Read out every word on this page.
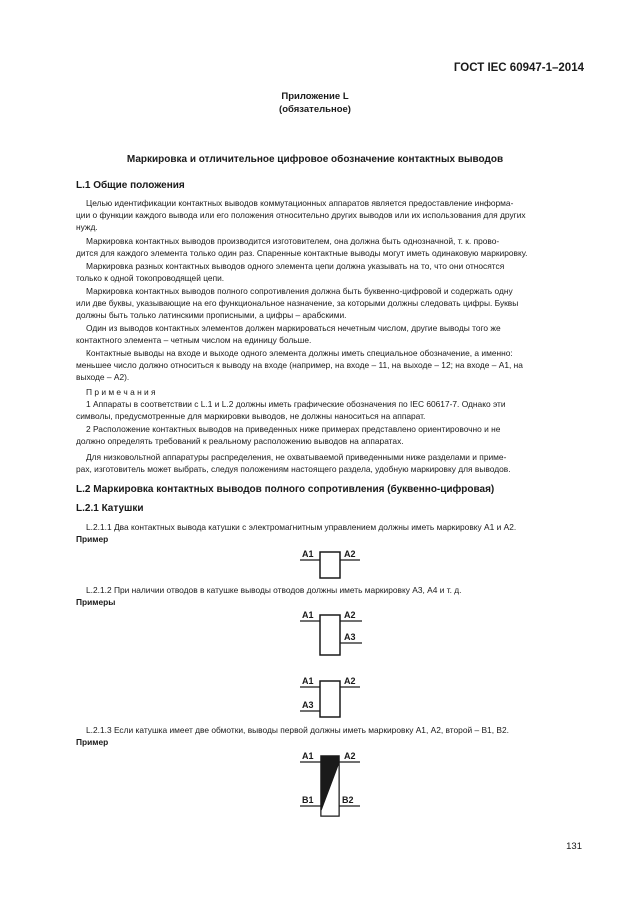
ГОСТ IEC 60947-1–2014
Приложение L
(обязательное)
Маркировка и отличительное цифровое обозначение контактных выводов
L.1 Общие положения
Целью идентификации контактных выводов коммутационных аппаратов является предоставление информа-
ции о функции каждого вывода или его положения относительно других выводов или их использования для других
нужд.
Маркировка контактных выводов производится изготовителем, она должна быть однозначной, т. к. прово-
дится для каждого элемента только один раз. Спаренные контактные выводы могут иметь одинаковую маркировку.
Маркировка разных контактных выводов одного элемента цепи должна указывать на то, что они относятся
только к одной токопроводящей цепи.
Маркировка контактных выводов полного сопротивления должна быть буквенно-цифровой и содержать одну
или две буквы, указывающие на его функциональное назначение, за которыми должны следовать цифры. Буквы
должны быть только латинскими прописными, а цифры – арабскими.
Один из выводов контактных элементов должен маркироваться нечетным числом, другие выводы того же
контактного элемента – четным числом на единицу больше.
Контактные выводы на входе и выходе одного элемента должны иметь специальное обозначение, а именно:
меньшее число должно относиться к выводу на входе (например, на входе – 11, на выходе – 12; на входе – А1, на
выходе – А2).
П р и м е ч а н и я
1 Аппараты в соответствии с L.1 и L.2 должны иметь графические обозначения по IEC 60617-7. Однако эти
символы, предусмотренные для маркировки выводов, не должны наноситься на аппарат.
2 Расположение контактных выводов на приведенных ниже примерах представлено ориентировочно и не
должно определять требований к реальному расположению выводов на аппаратах.
Для низковольтной аппаратуры распределения, не охватываемой приведенными ниже разделами и приме-
рах, изготовитель может выбрать, следуя положениям настоящего раздела, удобную маркировку для выводов.
L.2 Маркировка контактных выводов полного сопротивления (буквенно-цифровая)
L.2.1 Катушки
L.2.1.1 Два контактных вывода катушки с электромагнитным управлением должны иметь маркировку А1 и А2.
Пример
A1	A2
L.2.1.2 При наличии отводов в катушке выводы отводов должны иметь маркировку А3, А4 и т. д.
Примеры
A1	A2
A3
A1	A2
A3
L.2.1.3 Если катушка имеет две обмотки, выводы первой должны иметь маркировку А1, А2, второй – В1, В2.
Пример
A1	A2
B1	B2
131
